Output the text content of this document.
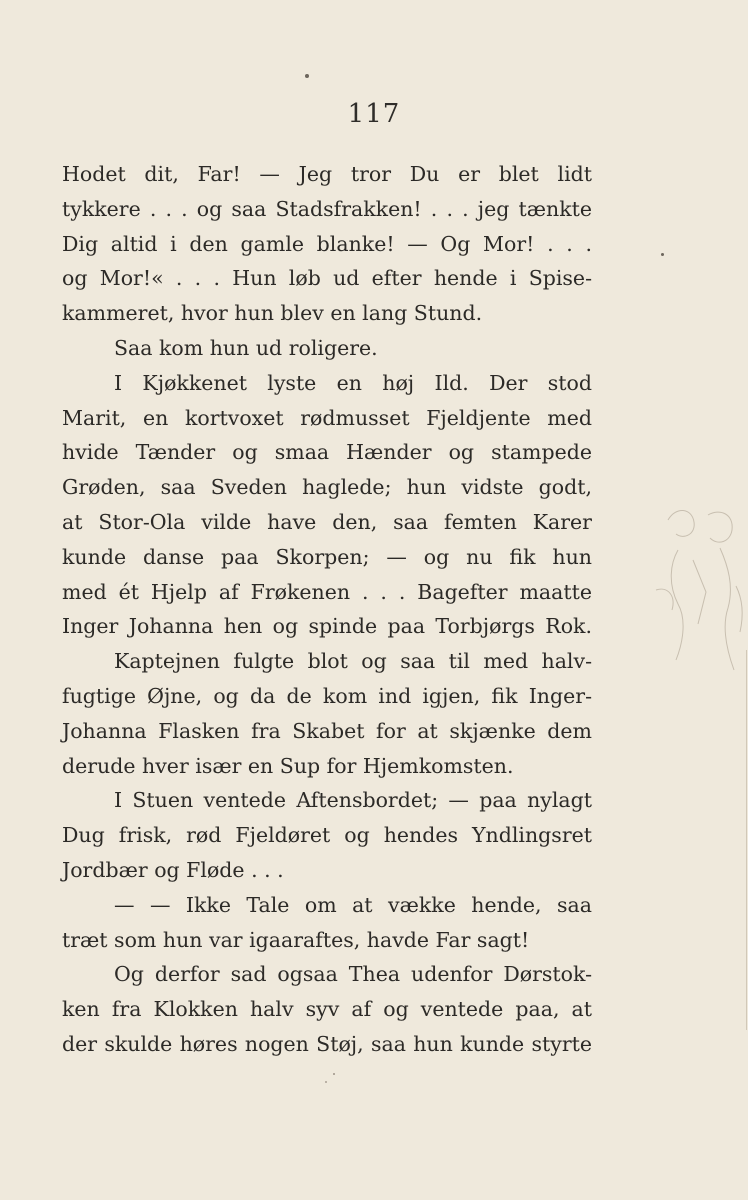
117
Hodet dit, Far! — Jeg tror Du er blet lidt
tykkere . . . og saa Stadsfrakken! . . . jeg tænkte
Dig altid i den gamle blanke! — Og Mor! . . .
og Mor!« . . . Hun løb ud efter hende i Spise-
kammeret, hvor hun blev en lang Stund.
Saa kom hun ud roligere.
I Kjøkkenet lyste en høj Ild. Der stod
Marit, en kortvoxet rødmusset Fjeldjente med
hvide Tænder og smaa Hænder og stampede
Grøden, saa Sveden haglede; hun vidste godt,
at Stor-Ola vilde have den, saa femten Karer
kunde danse paa Skorpen; — og nu fik hun
med ét Hjelp af Frøkenen . . . Bagefter maatte
Inger Johanna hen og spinde paa Torbjørgs Rok.
Kaptejnen fulgte blot og saa til med halv-
fugtige Øjne, og da de kom ind igjen, fik Inger-
Johanna Flasken fra Skabet for at skjænke dem
derude hver især en Sup for Hjemkomsten.
I Stuen ventede Aftensbordet; — paa nylagt
Dug frisk, rød Fjeldøret og hendes Yndlingsret
Jordbær og Fløde . . .
— — Ikke Tale om at vække hende, saa
træt som hun var igaaraftes, havde Far sagt!
Og derfor sad ogsaa Thea udenfor Dørstok-
ken fra Klokken halv syv af og ventede paa, at
der skulde høres nogen Støj, saa hun kunde styrte
